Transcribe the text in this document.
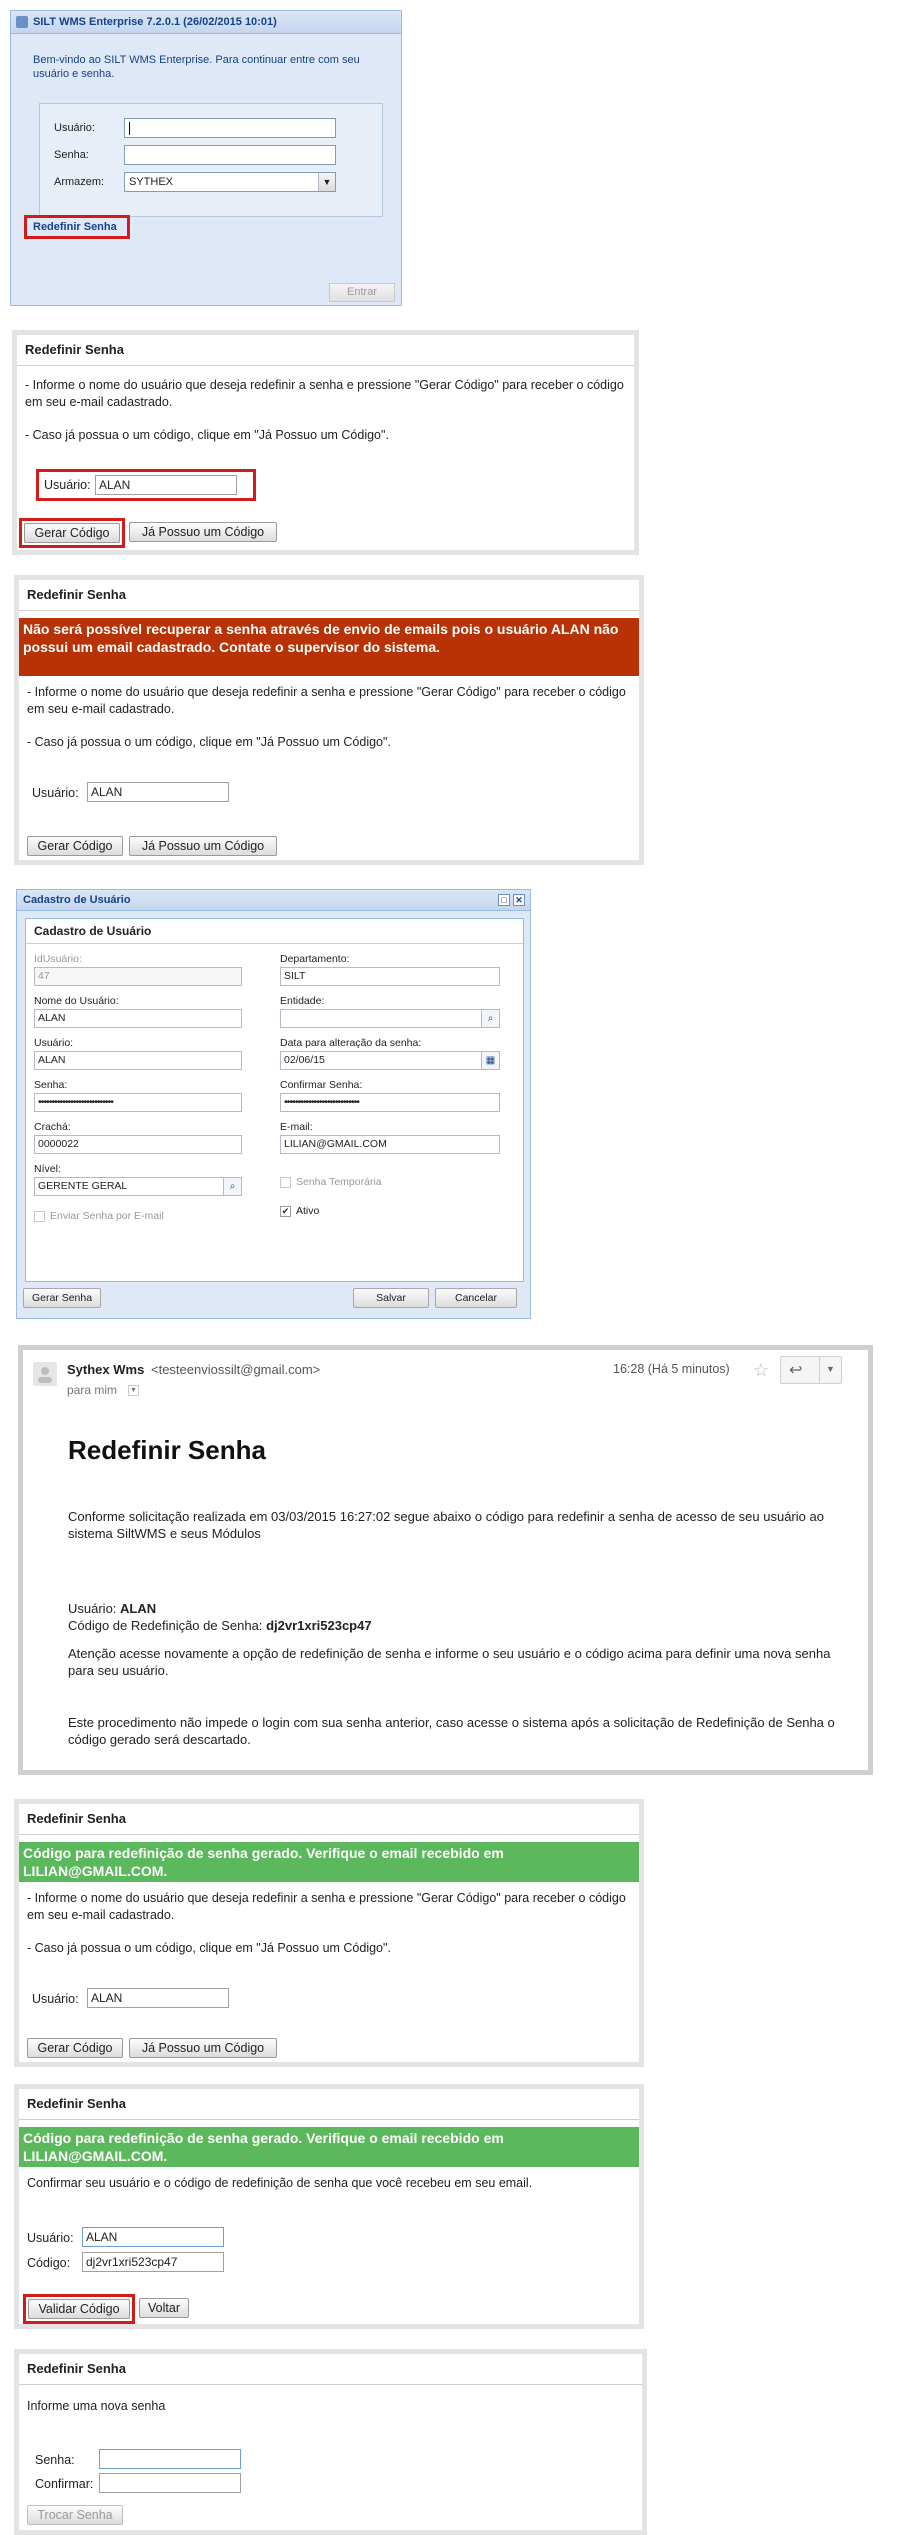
SILT WMS Enterprise 7.2.0.1 (26/02/2015 10:01)
Bem-vindo ao SILT WMS Enterprise. Para continuar entre com seu usuário e senha.
Usuário:
Senha:
Armazem:	SYTHEX	▼
Redefinir Senha
Entrar
Redefinir Senha
- Informe o nome do usuário que deseja redefinir a senha e pressione "Gerar Código" para receber o código em seu e-mail cadastrado.
- Caso já possua o um código, clique em "Já Possuo um Código".
Usuário: ALAN
Gerar Código	Já Possuo um Código
Redefinir Senha
Não será possível recuperar a senha através de envio de emails pois o usuário ALAN não possui um email cadastrado. Contate o supervisor do sistema.
- Informe o nome do usuário que deseja redefinir a senha e pressione "Gerar Código" para receber o código em seu e-mail cadastrado.
- Caso já possua o um código, clique em "Já Possuo um Código".
Usuário:	ALAN
Gerar Código	Já Possuo um Código
Cadastro de Usuário	□ ✕
Cadastro de Usuário
IdUsuário:
47
Nome do Usuário:
ALAN
Usuário:
ALAN
Senha:
••••••••••••••••••••••••••••
Crachá:
0000022
Nível:
GERENTE GERAL	⌕
Enviar Senha por E-mail
Departamento:
SILT
Entidade:
⌕
Data para alteração da senha:
02/06/15	▦
Confirmar Senha:
••••••••••••••••••••••••••••
E-mail:
LILIAN@GMAIL.COM
Senha Temporária
✔ Ativo
Gerar Senha	Salvar	Cancelar
Sythex Wms <testeenviossilt@gmail.com>
para mim ▼
16:28 (Há 5 minutos) ☆ ↩	▼
Redefinir Senha
Conforme solicitação realizada em 03/03/2015 16:27:02 segue abaixo o código para redefinir a senha de acesso de seu usuário ao sistema SiltWMS e seus Módulos
Usuário: ALAN
Código de Redefinição de Senha: dj2vr1xri523cp47
Atenção acesse novamente a opção de redefinição de senha e informe o seu usuário e o código acima para definir uma nova senha para seu usuário.
Este procedimento não impede o login com sua senha anterior, caso acesse o sistema após a solicitação de Redefinição de Senha o código gerado será descartado.
Redefinir Senha
Código para redefinição de senha gerado. Verifique o email recebido em LILIAN@GMAIL.COM.
- Informe o nome do usuário que deseja redefinir a senha e pressione "Gerar Código" para receber o código em seu e-mail cadastrado.
- Caso já possua o um código, clique em "Já Possuo um Código".
Usuário:	ALAN
Gerar Código	Já Possuo um Código
Redefinir Senha
Código para redefinição de senha gerado. Verifique o email recebido em LILIAN@GMAIL.COM.
Confirmar seu usuário e o código de redefinição de senha que você recebeu em seu email.
Usuário:	ALAN
Código:	dj2vr1xri523cp47
Validar Código	Voltar
Redefinir Senha
Informe uma nova senha
Senha:
Confirmar:
Trocar Senha
